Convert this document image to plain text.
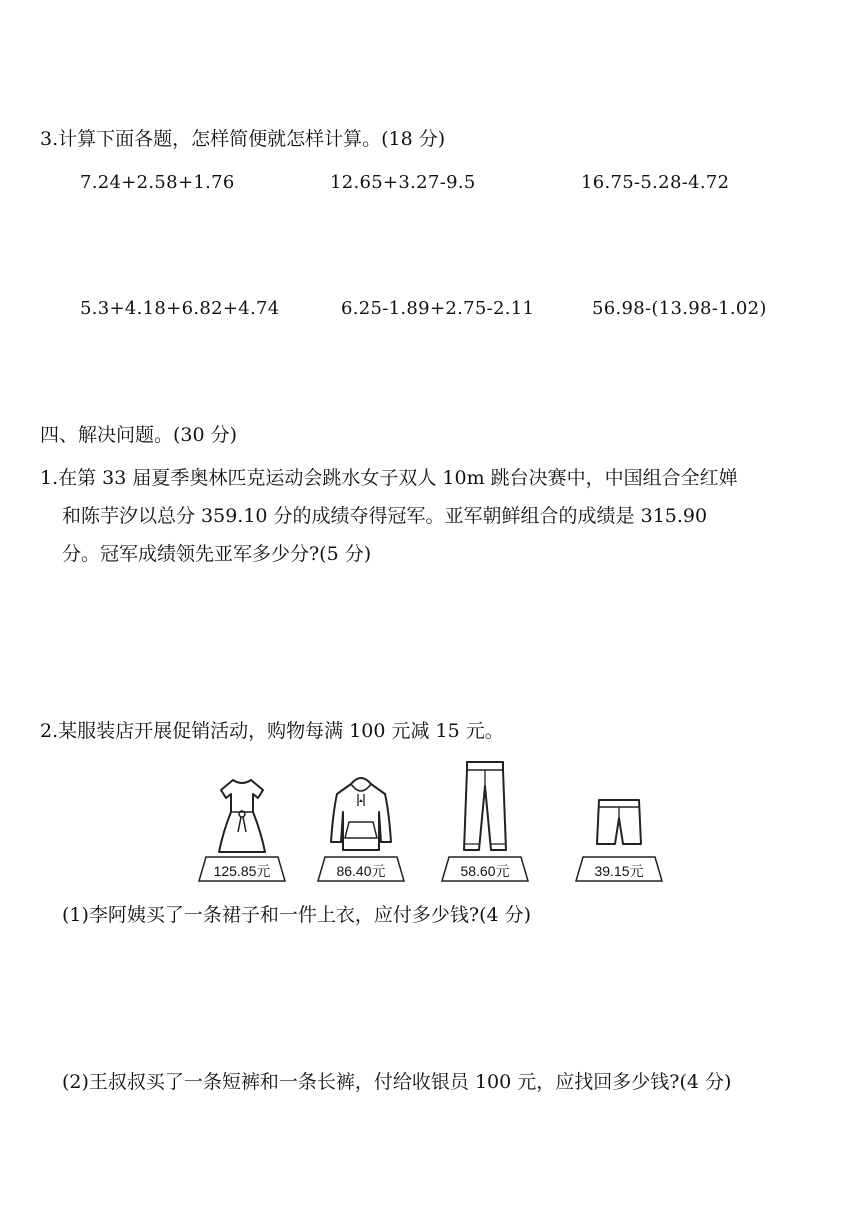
3.计算下面各题，怎样简便就怎样计算。(18 分)
7.24+2.58+1.76	12.65+3.27-9.5	16.75-5.28-4.72
5.3+4.18+6.82+4.74	6.25-1.89+2.75-2.11	56.98-(13.98-1.02)
四、解决问题。(30 分)
1.在第 33 届夏季奥林匹克运动会跳水女子双人 10m 跳台决赛中，中国组合全红婵
和陈芋汐以总分 359.10 分的成绩夺得冠军。亚军朝鲜组合的成绩是 315.90
分。冠军成绩领先亚军多少分?(5 分)
2.某服装店开展促销活动，购物每满 100 元减 15 元。
125.85元	86.40元	58.60元	39.15元
(1)李阿姨买了一条裙子和一件上衣，应付多少钱?(4 分)
(2)王叔叔买了一条短裤和一条长裤，付给收银员 100 元，应找回多少钱?(4 分)
